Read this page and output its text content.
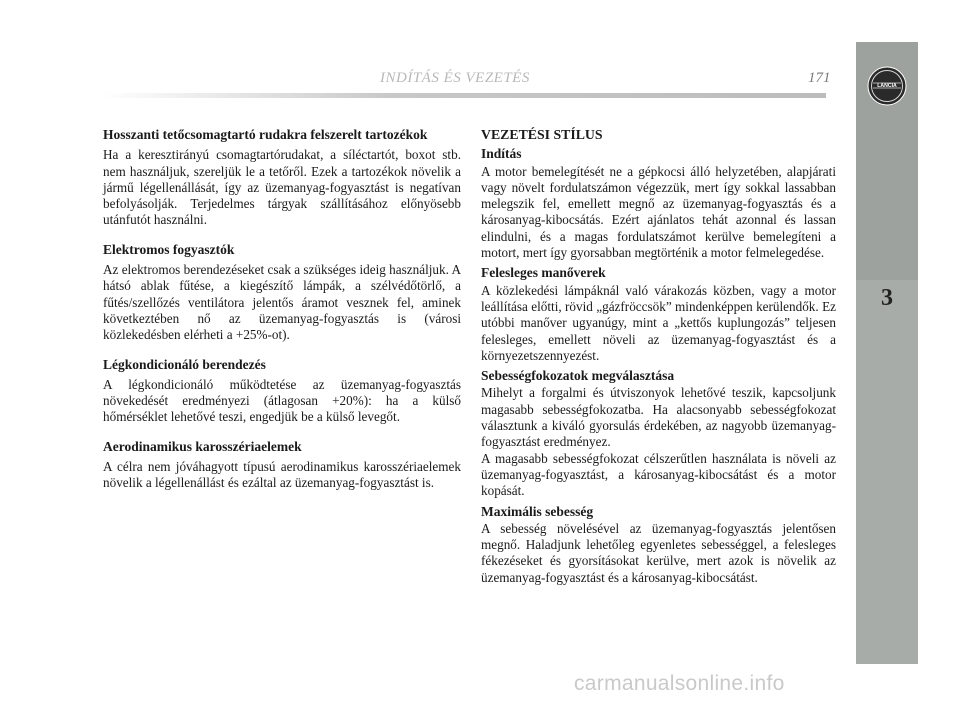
LANCIA
3
INDÍTÁS ÉS VEZETÉS	171
Hosszanti tetőcsomagtartó rudakra felszerelt tartozékok

Ha a keresztirányú csomagtartórudakat, a síléctartót, boxot stb. nem használjuk, szereljük le a tetőről. Ezek a tartozékok növelik a jármű légellenállását, így az üzemanyag-fogyasztást is negatívan befolyásolják. Terjedelmes tárgyak szállításához előnyösebb utánfutót használni.

Elektromos fogyasztók

Az elektromos berendezéseket csak a szükséges ideig használjuk. A hátsó ablak fűtése, a kiegészítő lámpák, a szélvédőtörlő, a fűtés/szellőzés ventilátora jelentős áramot vesznek fel, aminek következtében nő az üzemanyag-fogyasztás is (városi közlekedésben elérheti a +25%-ot).

Légkondicionáló berendezés

A légkondicionáló működtetése az üzemanyag-fogyasztás növekedését eredményezi (átlagosan +20%): ha a külső hőmérséklet lehetővé teszi, engedjük be a külső levegőt.

Aerodinamikus karosszériaelemek

A célra nem jóváhagyott típusú aerodinamikus karosszériaelemek növelik a légellenállást és ezáltal az üzemanyag-fogyasztást is.

VEZETÉSI STÍLUS
Indítás

A motor bemelegítését ne a gépkocsi álló helyzetében, alapjárati vagy növelt fordulatszámon végezzük, mert így sokkal lassabban melegszik fel, emellett megnő az üzemanyag-fogyasztás és a károsanyag-kibocsátás. Ezért ajánlatos tehát azonnal és lassan elindulni, és a magas fordulatszámot kerülve bemelegíteni a motort, mert így gyorsabban megtörténik a motor felmelegedése.

Felesleges manőverek

A közlekedési lámpáknál való várakozás közben, vagy a motor leállítása előtti, rövid „gázfröccsök” mindenképpen kerülendők. Ez utóbbi manőver ugyanúgy, mint a „kettős kuplungozás” teljesen felesleges, emellett növeli az üzemanyag-fogyasztást és a környezetszennyezést.

Sebességfokozatok megválasztása

Mihelyt a forgalmi és útviszonyok lehetővé teszik, kapcsoljunk magasabb sebességfokozatba. Ha alacsonyabb sebességfokozat választunk a kiváló gyorsulás érdekében, az nagyobb üzemanyag-fogyasztást eredményez.

A magasabb sebességfokozat célszerűtlen használata is növeli az üzemanyag-fogyasztást, a károsanyag-kibocsátást és a motor kopását.

Maximális sebesség

A sebesség növelésével az üzemanyag-fogyasztás jelentősen megnő. Haladjunk lehetőleg egyenletes sebességgel, a felesleges fékezéseket és gyorsításokat kerülve, mert azok is növelik az üzemanyag-fogyasztást és a károsanyag-kibocsátást.

carmanualsonline.info
